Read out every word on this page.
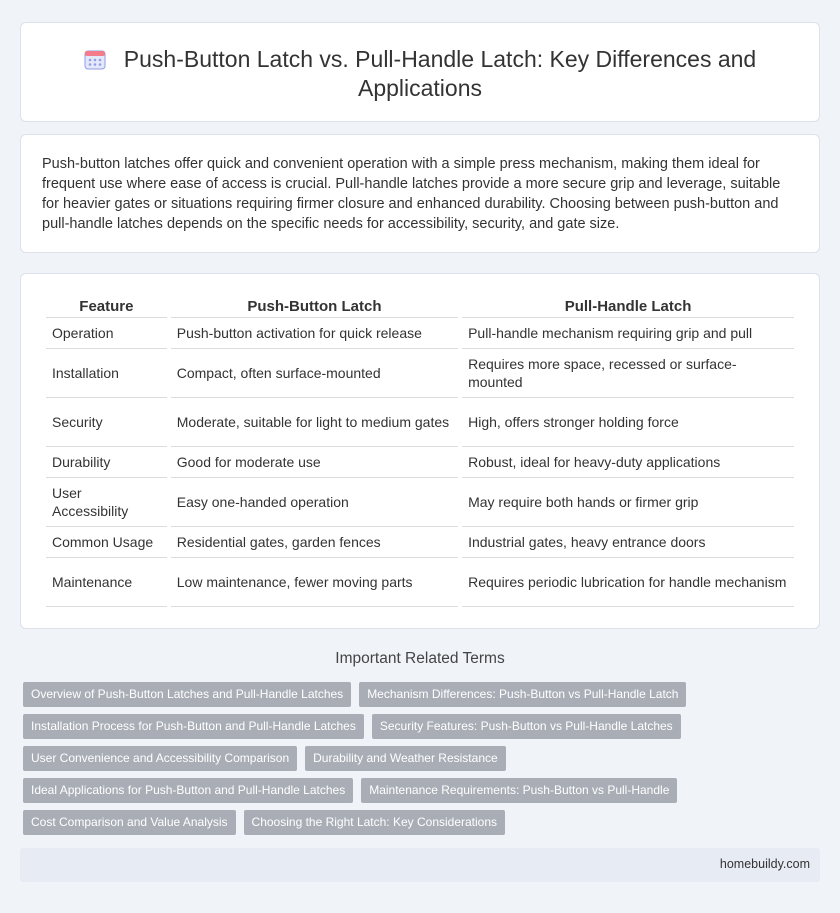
Push-Button Latch vs. Pull-Handle Latch: Key Differences and Applications

Push-button latches offer quick and convenient operation with a simple press mechanism, making them ideal for frequent use where ease of access is crucial. Pull-handle latches provide a more secure grip and leverage, suitable for heavier gates or situations requiring firmer closure and enhanced durability. Choosing between push-button and pull-handle latches depends on the specific needs for accessibility, security, and gate size.

Feature	Push-Button Latch	Pull-Handle Latch
Operation	Push-button activation for quick release	Pull-handle mechanism requiring grip and pull
Installation	Compact, often surface-mounted	Requires more space, recessed or surface-mounted
Security	Moderate, suitable for light to medium gates	High, offers stronger holding force
Durability	Good for moderate use	Robust, ideal for heavy-duty applications
User Accessibility	Easy one-handed operation	May require both hands or firmer grip
Common Usage	Residential gates, garden fences	Industrial gates, heavy entrance doors
Maintenance	Low maintenance, fewer moving parts	Requires periodic lubrication for handle mechanism
Important Related Terms
Overview of Push-Button Latches and Pull-Handle Latches	Mechanism Differences: Push-Button vs Pull-Handle Latch
Installation Process for Push-Button and Pull-Handle Latches	Security Features: Push-Button vs Pull-Handle Latches
User Convenience and Accessibility Comparison	Durability and Weather Resistance
Ideal Applications for Push-Button and Pull-Handle Latches	Maintenance Requirements: Push-Button vs Pull-Handle
Cost Comparison and Value Analysis	Choosing the Right Latch: Key Considerations
homebuildy.com
